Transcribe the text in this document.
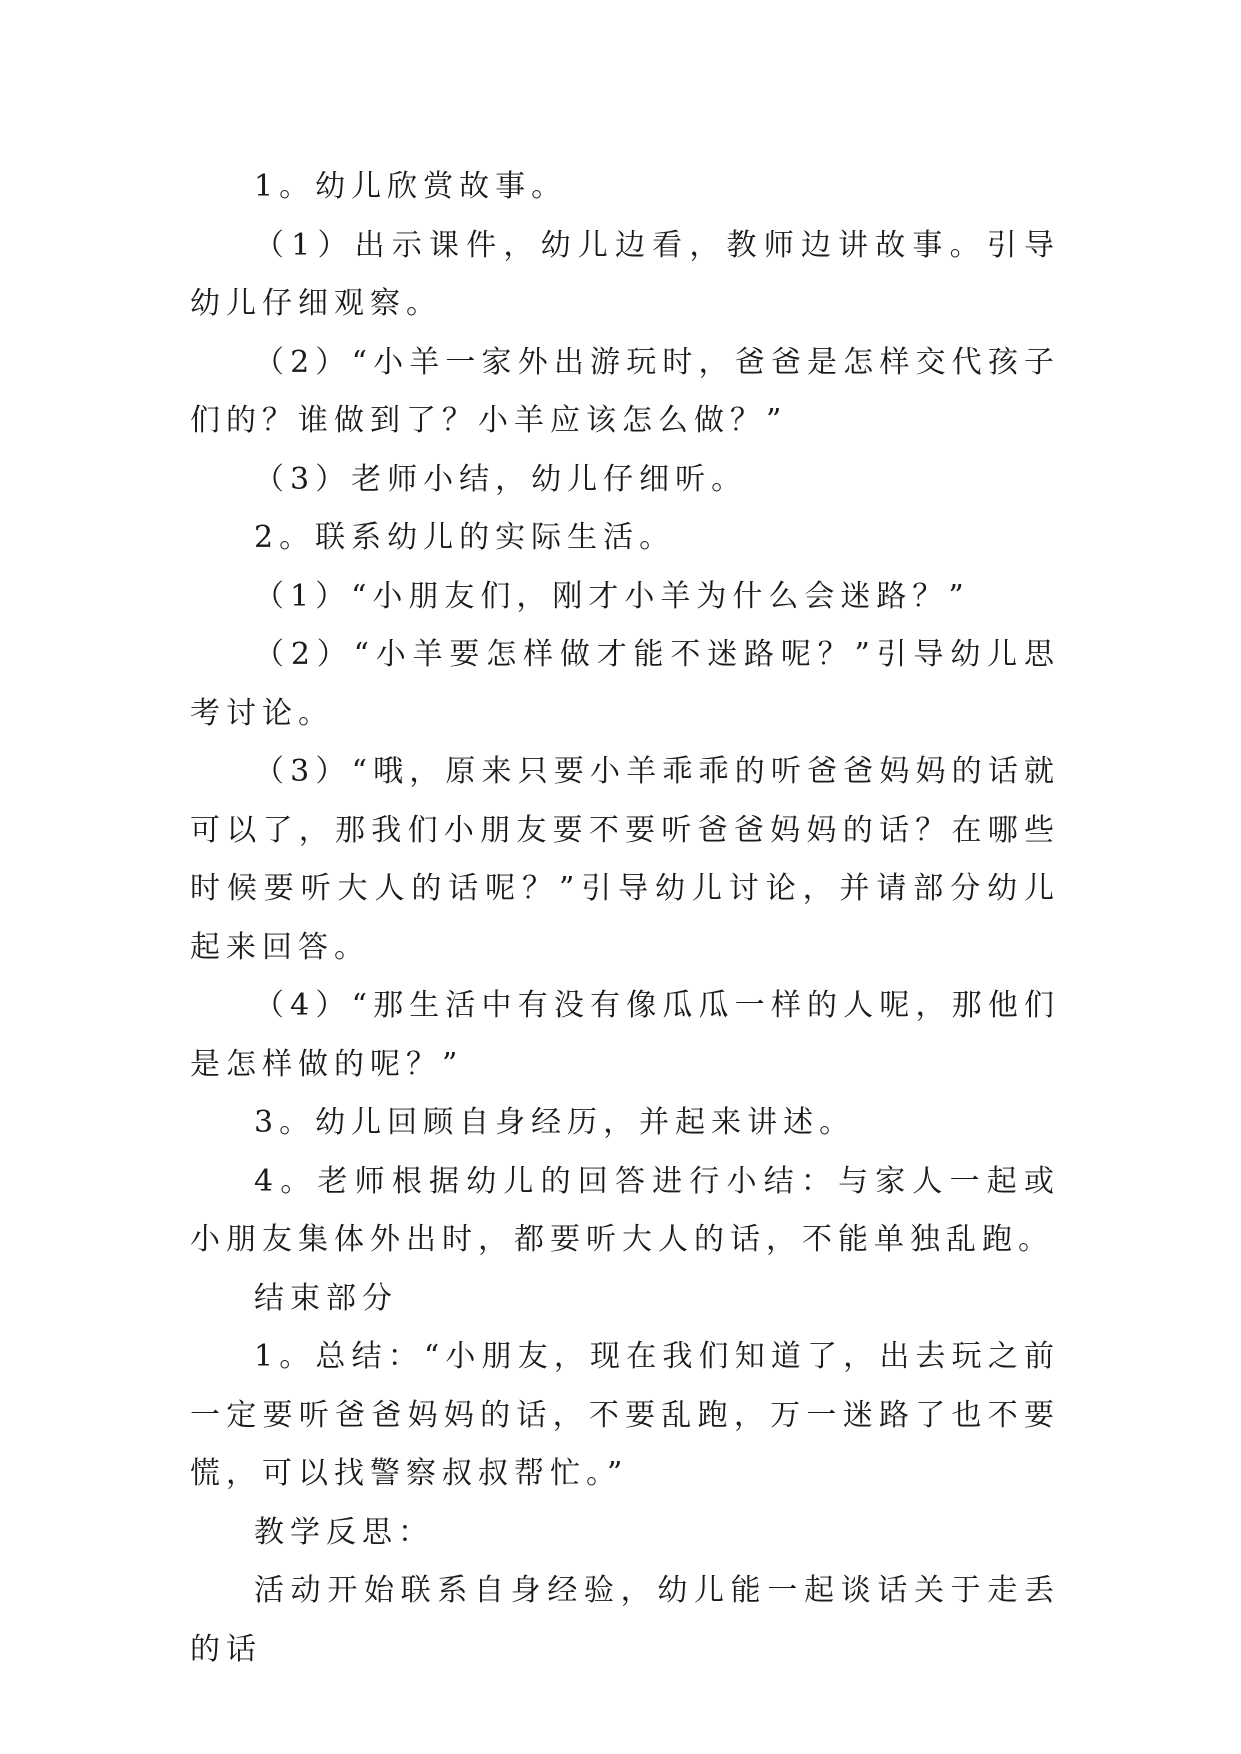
1。幼儿欣赏故事。

（1）出示课件，幼儿边看，教师边讲故事。引导幼儿仔细观察。

（2）“小羊一家外出游玩时，爸爸是怎样交代孩子们的？谁做到了？小羊应该怎么做？”

（3）老师小结，幼儿仔细听。

2。联系幼儿的实际生活。

（1）“小朋友们，刚才小羊为什么会迷路？”

（2）“小羊要怎样做才能不迷路呢？”引导幼儿思考讨论。

（3）“哦，原来只要小羊乖乖的听爸爸妈妈的话就可以了，那我们小朋友要不要听爸爸妈妈的话？在哪些时候要听大人的话呢？”引导幼儿讨论，并请部分幼儿起来回答。

（4）“那生活中有没有像瓜瓜一样的人呢，那他们是怎样做的呢？”

3。幼儿回顾自身经历，并起来讲述。

4。老师根据幼儿的回答进行小结：与家人一起或小朋友集体外出时，都要听大人的话，不能单独乱跑。

结束部分

1。总结：“小朋友，现在我们知道了，出去玩之前一定要听爸爸妈妈的话，不要乱跑，万一迷路了也不要慌，可以找警察叔叔帮忙。”

教学反思：

活动开始联系自身经验，幼儿能一起谈话关于走丢的话
